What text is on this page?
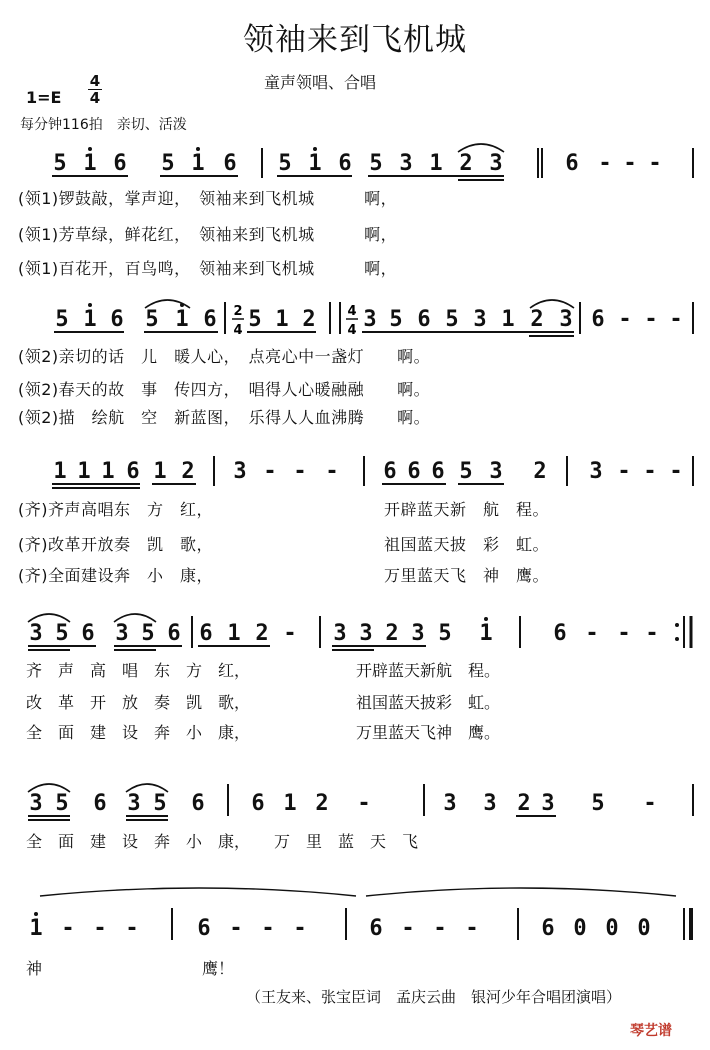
领袖来到飞机城
童声领唱、合唱
1=E
4
4
每分钟116拍　亲切、活泼
5 1 6 5 1 6 5 1 6 5 3 1 2 3	6 - - -
5 1 6 5 1 6 2
4 5 1 2 4
4 3 5 6 5 3 1 2 3 6 - - -
1 1 1 6 1 2 3 - - - 6 6 6 5 3 2 3 - - -
3 5 6 3 5 6 6 1 2 - 3 3 2 3 5 1	6 - - -
3 5 6 3 5 6 6 1 2 -	3 3 2 3 5 -
1 - - -	6 - - -	6 - - -	6 0 0 0
(领1)锣鼓敲，掌声迎，　领袖来到飞机城　　　啊，
(领1)芳草绿，鲜花红，　领袖来到飞机城　　　啊，
(领1)百花开，百鸟鸣，　领袖来到飞机城　　　啊，
(领2)亲切的话　儿　暖人心，　点亮心中一盏灯　　啊。
(领2)春天的故　事　传四方，　唱得人心暖融融　　啊。
(领2)描　绘航　空　新蓝图，　乐得人人血沸腾　　啊。
(齐)齐声高唱东　方　红，
(齐)改革开放奏　凯　歌，
(齐)全面建设奔　小　康，
开辟蓝天新　航　程。
祖国蓝天披　彩　虹。
万里蓝天飞　神　鹰。
齐　声　高　唱　东　方　红，
改　革　开　放　奏　凯　歌，
全　面　建　设　奔　小　康，
开辟蓝天新航　程。
祖国蓝天披彩　虹。
万里蓝天飞神　鹰。
全　面　建　设　奔　小　康，　　万　里　蓝　天　飞
神　　　　　　　　　　鹰！
（王友来、张宝臣词　孟庆云曲　银河少年合唱团演唱）
琴艺谱
